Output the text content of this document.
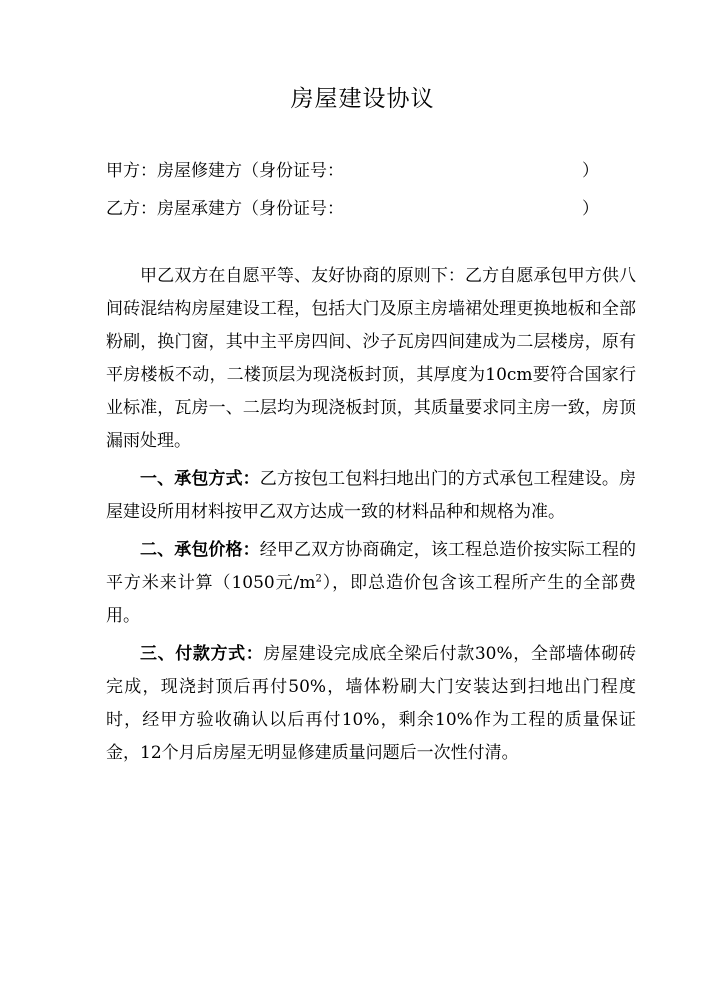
房屋建设协议
甲方：房屋修建方（身份证号：	）
乙方：房屋承建方（身份证号：	）

甲乙双方在自愿平等、友好协商的原则下：乙方自愿承包甲方供八间砖混结构房屋建设工程，包括大门及原主房墙裙处理更换地板和全部粉刷，换门窗，其中主平房四间、沙子瓦房四间建成为二层楼房，原有平房楼板不动，二楼顶层为现浇板封顶，其厚度为10cm要符合国家行业标准，瓦房一、二层均为现浇板封顶，其质量要求同主房一致，房顶漏雨处理。

一、承包方式：乙方按包工包料扫地出门的方式承包工程建设。房屋建设所用材料按甲乙双方达成一致的材料品种和规格为准。

二、承包价格：经甲乙双方协商确定，该工程总造价按实际工程的平方米来计算（1050元$/m^2$），即总造价包含该工程所产生的全部费用。

三、付款方式：房屋建设完成底全梁后付款30%，全部墙体砌砖完成，现浇封顶后再付50%，墙体粉刷大门安装达到扫地出门程度时，经甲方验收确认以后再付10%，剩余10%作为工程的质量保证金，12个月后房屋无明显修建质量问题后一次性付清。
